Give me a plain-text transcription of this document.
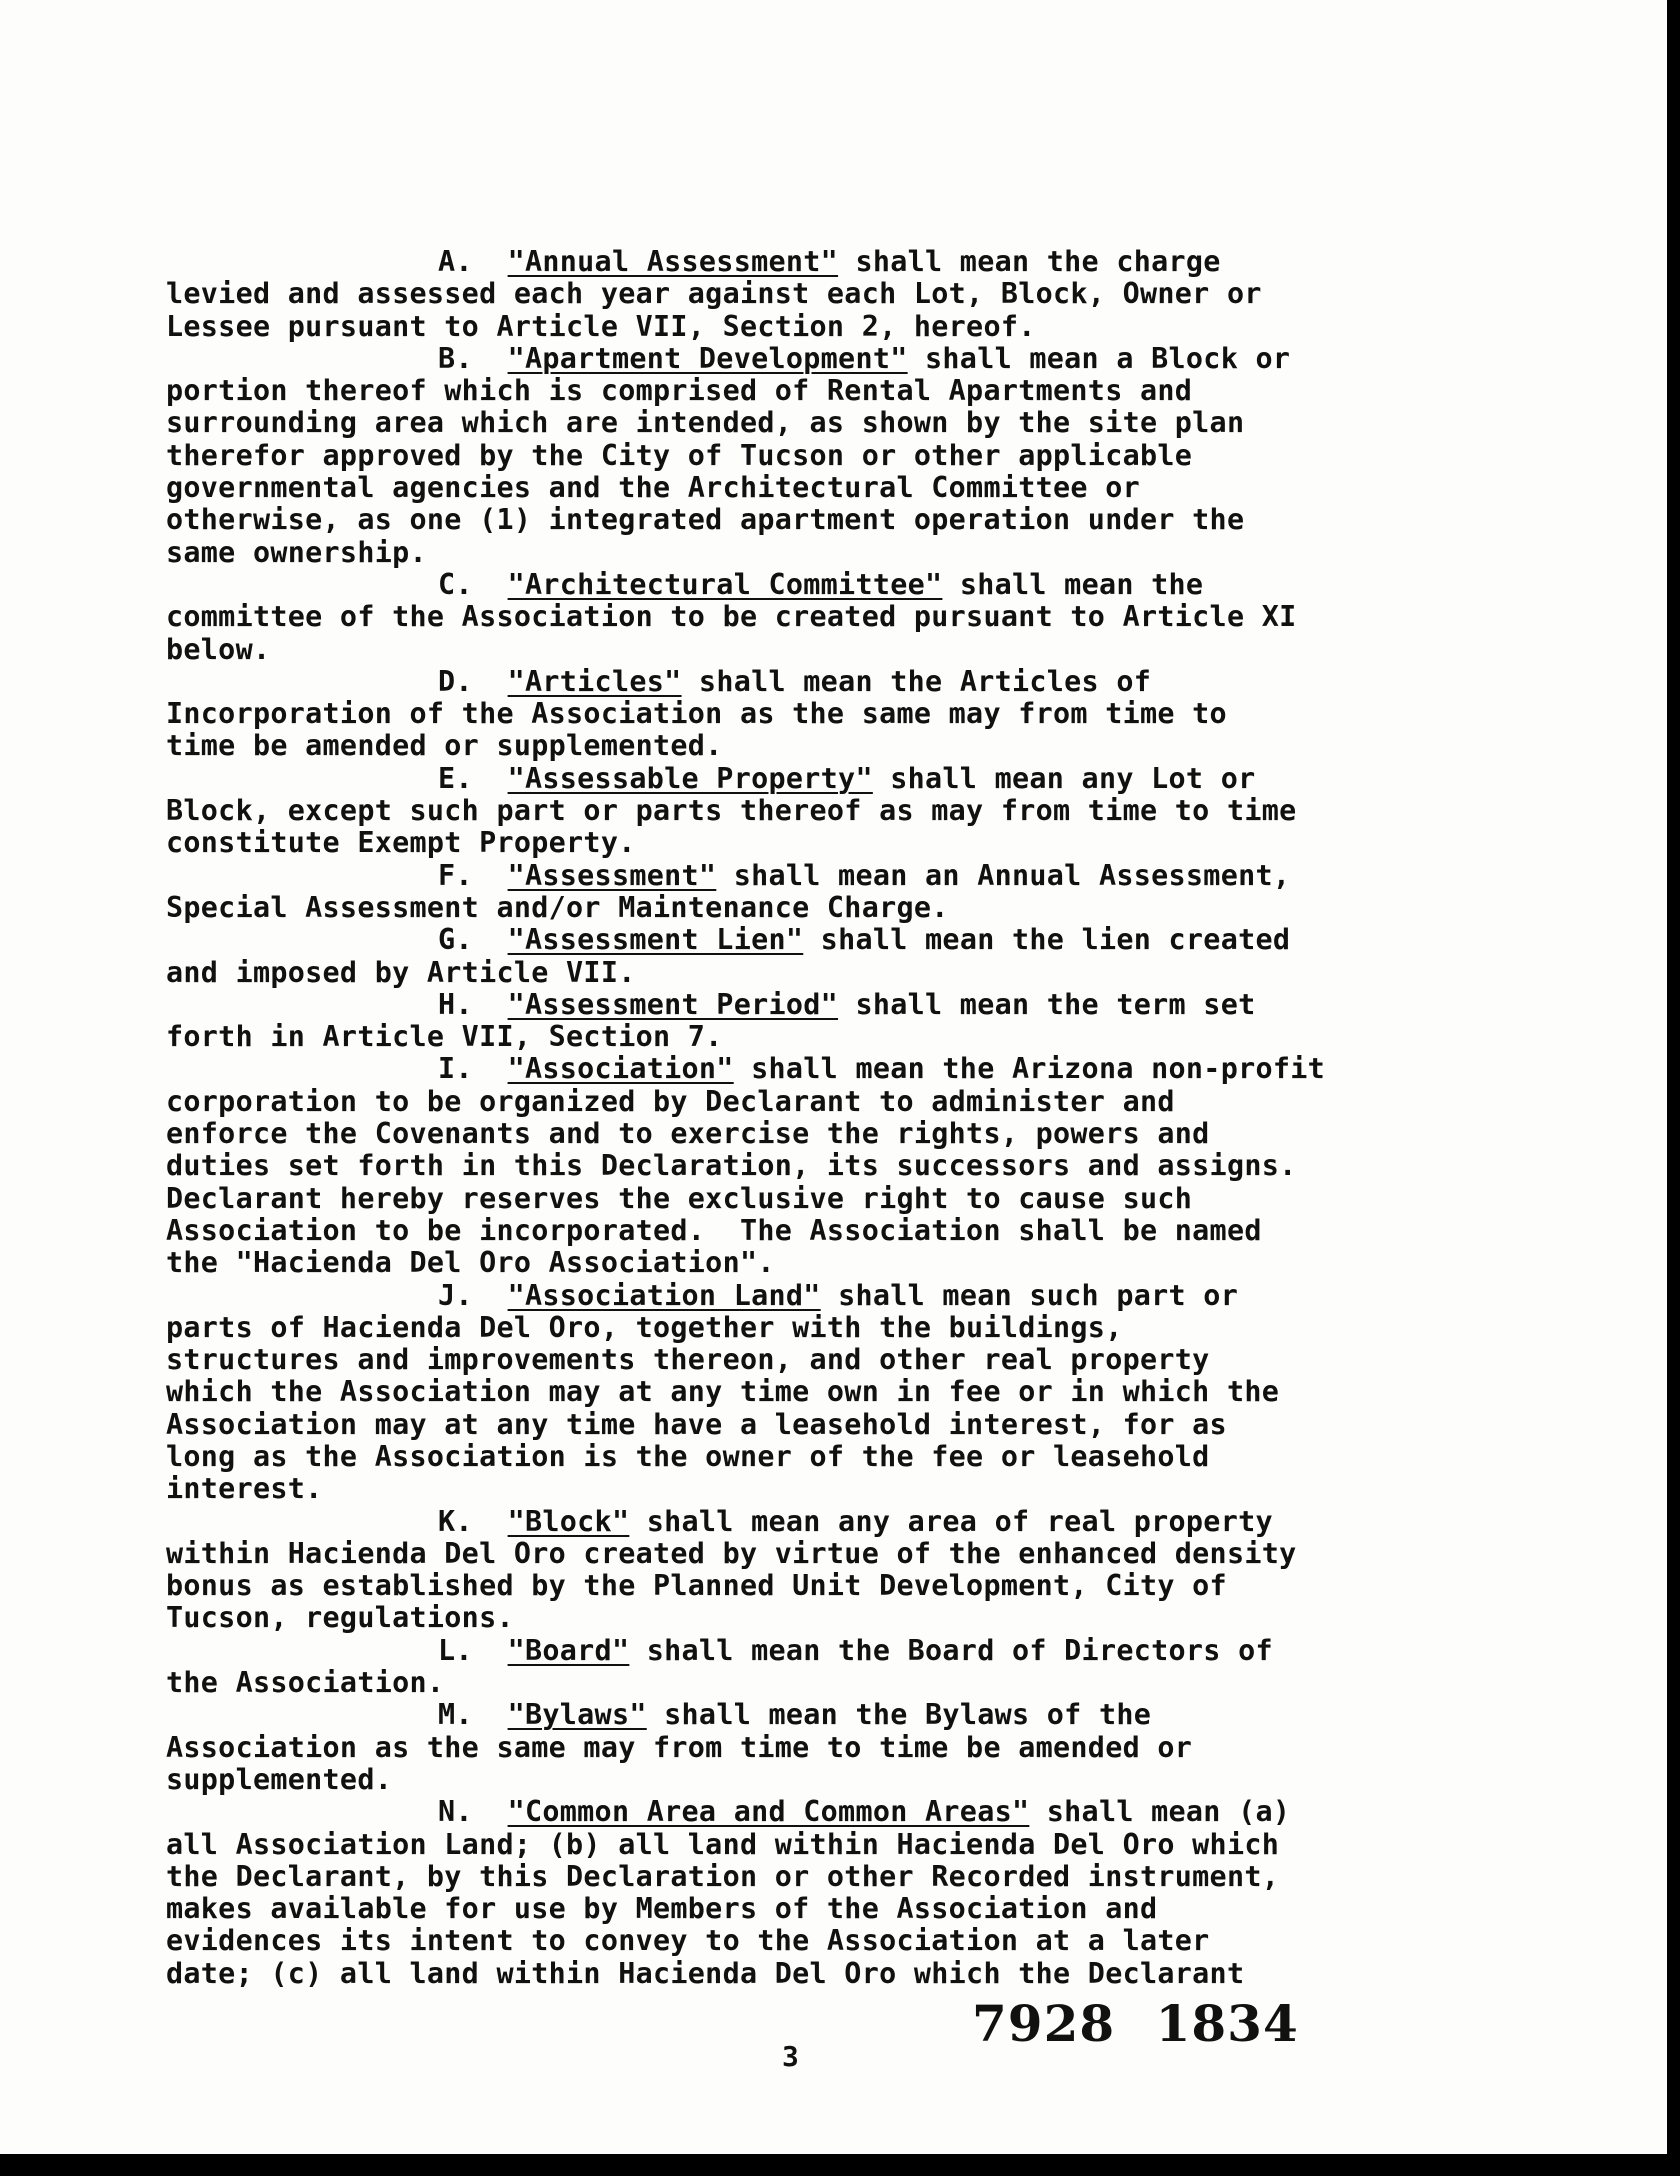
A. "Annual Assessment" shall mean the charge
levied and assessed each year against each Lot, Block, Owner or
Lessee pursuant to Article VII, Section 2, hereof.
B. "Apartment Development" shall mean a Block or
portion thereof which is comprised of Rental Apartments and
surrounding area which are intended, as shown by the site plan
therefor approved by the City of Tucson or other applicable
governmental agencies and the Architectural Committee or
otherwise, as one (1) integrated apartment operation under the
same ownership.
C. "Architectural Committee" shall mean the
committee of the Association to be created pursuant to Article XI
below.
D. "Articles" shall mean the Articles of
Incorporation of the Association as the same may from time to
time be amended or supplemented.
E. "Assessable Property" shall mean any Lot or
Block, except such part or parts thereof as may from time to time
constitute Exempt Property.
F. "Assessment" shall mean an Annual Assessment,
Special Assessment and/or Maintenance Charge.
G. "Assessment Lien" shall mean the lien created
and imposed by Article VII.
H. "Assessment Period" shall mean the term set
forth in Article VII, Section 7.
I. "Association" shall mean the Arizona non-profit
corporation to be organized by Declarant to administer and
enforce the Covenants and to exercise the rights, powers and
duties set forth in this Declaration, its successors and assigns.
Declarant hereby reserves the exclusive right to cause such
Association to be incorporated.  The Association shall be named
the "Hacienda Del Oro Association".
J. "Association Land" shall mean such part or
parts of Hacienda Del Oro, together with the buildings,
structures and improvements thereon, and other real property
which the Association may at any time own in fee or in which the
Association may at any time have a leasehold interest, for as
long as the Association is the owner of the fee or leasehold
interest.
K. "Block" shall mean any area of real property
within Hacienda Del Oro created by virtue of the enhanced density
bonus as established by the Planned Unit Development, City of
Tucson, regulations.
L. "Board" shall mean the Board of Directors of
the Association.
M. "Bylaws" shall mean the Bylaws of the
Association as the same may from time to time be amended or
supplemented.
N. "Common Area and Common Areas" shall mean (a)
all Association Land; (b) all land within Hacienda Del Oro which
the Declarant, by this Declaration or other Recorded instrument,
makes available for use by Members of the Association and
evidences its intent to convey to the Association at a later
date; (c) all land within Hacienda Del Oro which the Declarant
7928 1834
3
